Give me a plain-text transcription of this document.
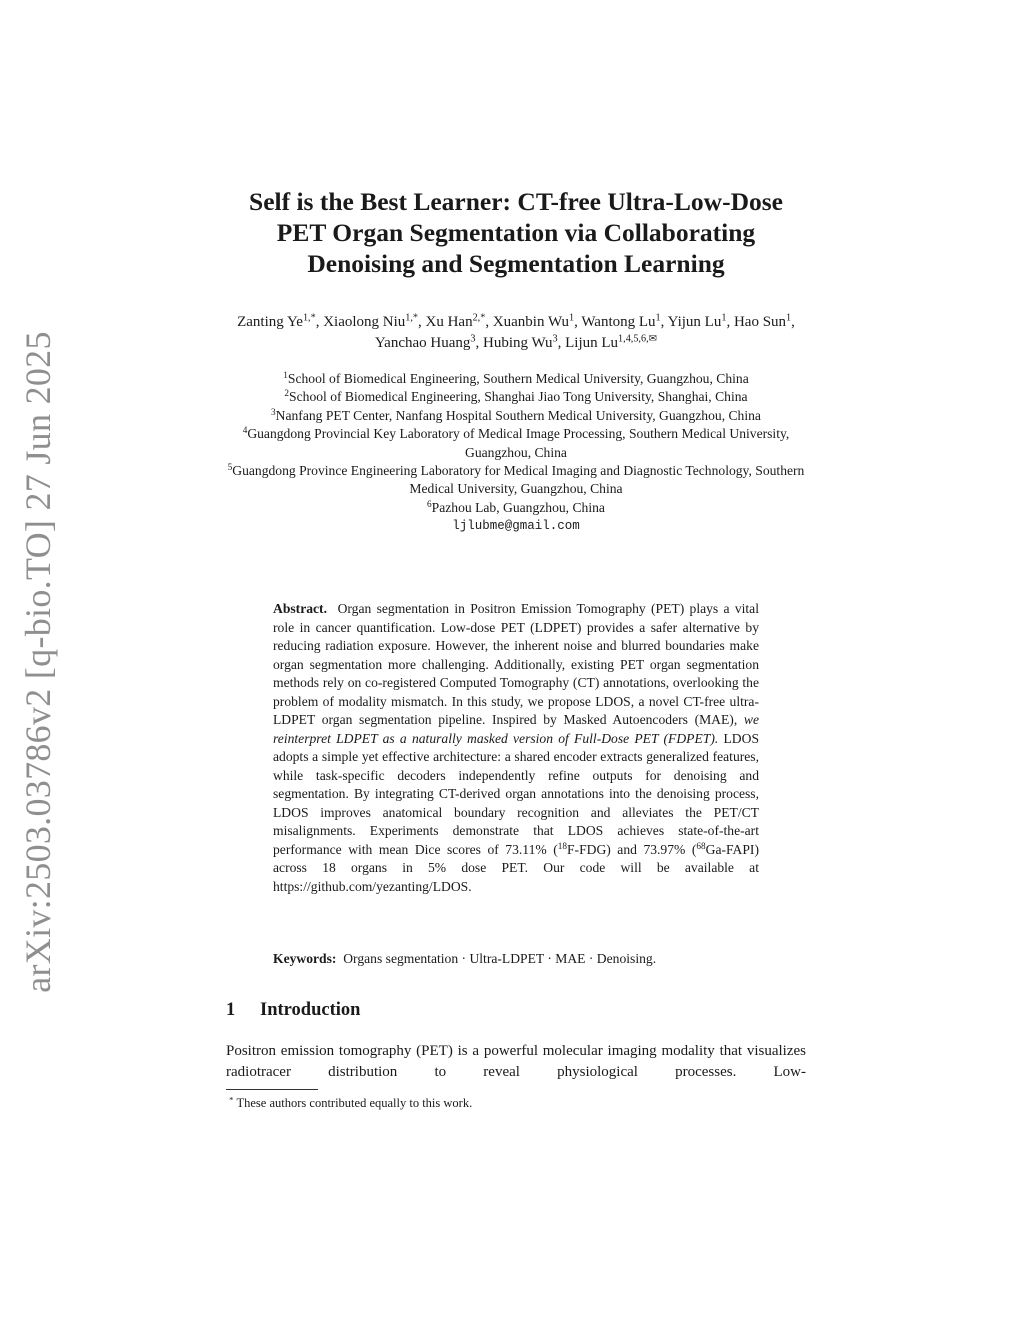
arXiv:2503.03786v2 [q-bio.TO] 27 Jun 2025
Self is the Best Learner: CT-free Ultra-Low-Dose
PET Organ Segmentation via Collaborating
Denoising and Segmentation Learning
Zanting $Ye^{1,*}$, Xiaolong Niu$^{1,*}$, Xu Han$^{2,*}$, Xuanbin Wu$^1$, Wantong Lu$^1$, Yijun Lu$^1$, Hao Sun$^1$, Yanchao Huang$^3$, Hubing Wu$^3$, Lijun $Lu^{1,4,5,6,✉}$
$^1$School of Biomedical Engineering, Southern Medical University, Guangzhou, China
$^2$School of Biomedical Engineering, Shanghai Jiao Tong University, Shanghai, China
$^3$Nanfang PET Center, Nanfang Hospital Southern Medical University, Guangzhou, China
$^4$Guangdong Provincial Key Laboratory of Medical Image Processing, Southern Medical University, Guangzhou, China
$^5$Guangdong Province Engineering Laboratory for Medical Imaging and Diagnostic Technology, Southern Medical University, Guangzhou, China
$^6$Pazhou Lab, Guangzhou, China
ljlubme@gmail.com
Abstract. Organ segmentation in Positron Emission Tomography (PET) plays a vital role in cancer quantification. Low-dose PET (LDPET) provides a safer alternative by reducing radiation exposure. However, the inherent noise and blurred boundaries make organ segmentation more challenging. Additionally, existing PET organ segmentation methods rely on co-registered Computed Tomography (CT) annotations, overlooking the problem of modality mismatch. In this study, we propose LDOS, a novel CT-free ultra-LDPET organ segmentation pipeline. Inspired by Masked Autoencoders (MAE), we reinterpret LDPET as a naturally masked version of Full-Dose PET (FDPET). LDOS adopts a simple yet effective architecture: a shared encoder extracts generalized features, while task-specific decoders independently refine outputs for denoising and segmentation. By integrating CT-derived organ annotations into the denoising process, LDOS improves anatomical boundary recognition and alleviates the PET/CT misalignments. Experiments demonstrate that LDOS achieves state-of-the-art performance with mean Dice scores of 73.11% ($^{18}$F-FDG) and 73.97% ($^{68}$Ga-FAPI) across 18 organs in 5% dose PET. Our code will be available at https://github.com/yezanting/LDOS.
Keywords: Organs segmentation · Ultra-LDPET · MAE · Denoising.
1 Introduction

Positron emission tomography (PET) is a powerful molecular imaging modality that visualizes radiotracer distribution to reveal physiological processes. Low-

* These authors contributed equally to this work.
